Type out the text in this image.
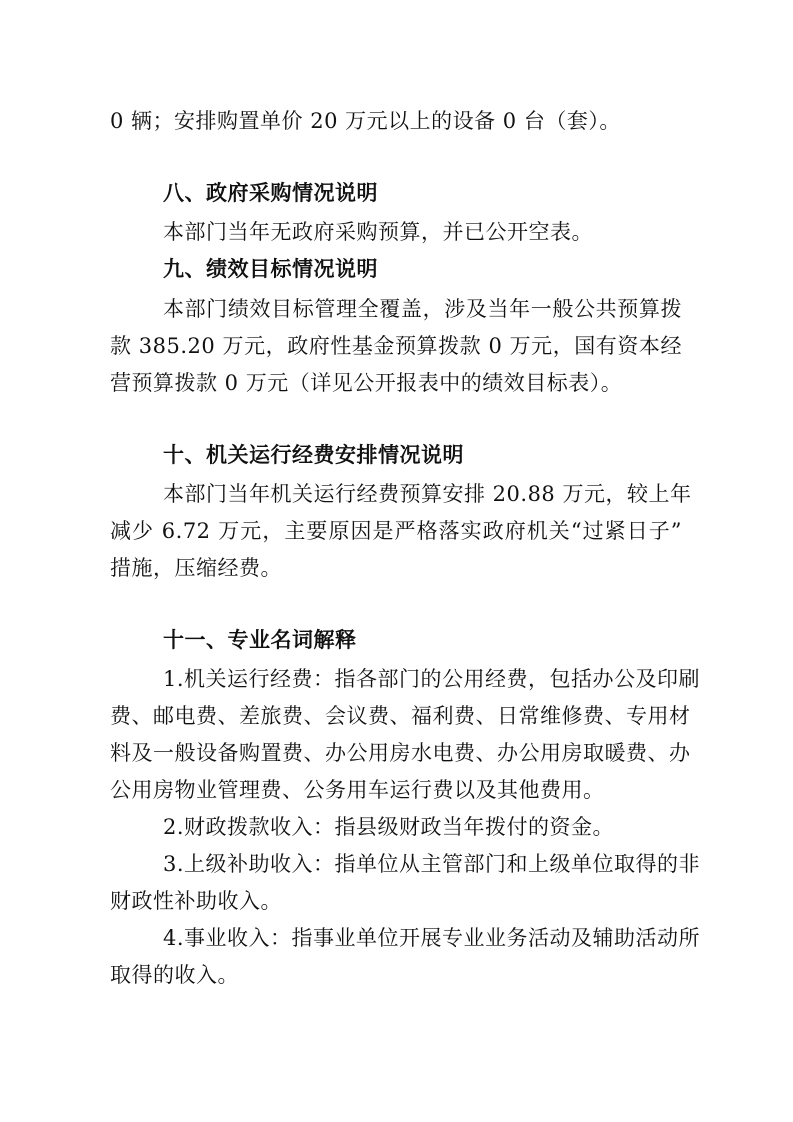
0 辆；安排购置单价 20 万元以上的设备 0 台（套）。
八、政府采购情况说明
本部门当年无政府采购预算，并已公开空表。
九、绩效目标情况说明
本部门绩效目标管理全覆盖，涉及当年一般公共预算拨
款 385.20 万元，政府性基金预算拨款 0 万元，国有资本经
营预算拨款 0 万元（详见公开报表中的绩效目标表）。
十、机关运行经费安排情况说明
本部门当年机关运行经费预算安排 20.88 万元，较上年
减少 6.72 万元，主要原因是严格落实政府机关“过紧日子”
措施，压缩经费。
十一、专业名词解释
1.机关运行经费：指各部门的公用经费，包括办公及印刷
费、邮电费、差旅费、会议费、福利费、日常维修费、专用材
料及一般设备购置费、办公用房水电费、办公用房取暖费、办
公用房物业管理费、公务用车运行费以及其他费用。
2.财政拨款收入：指县级财政当年拨付的资金。
3.上级补助收入：指单位从主管部门和上级单位取得的非
财政性补助收入。
4.事业收入：指事业单位开展专业业务活动及辅助活动所
取得的收入。
